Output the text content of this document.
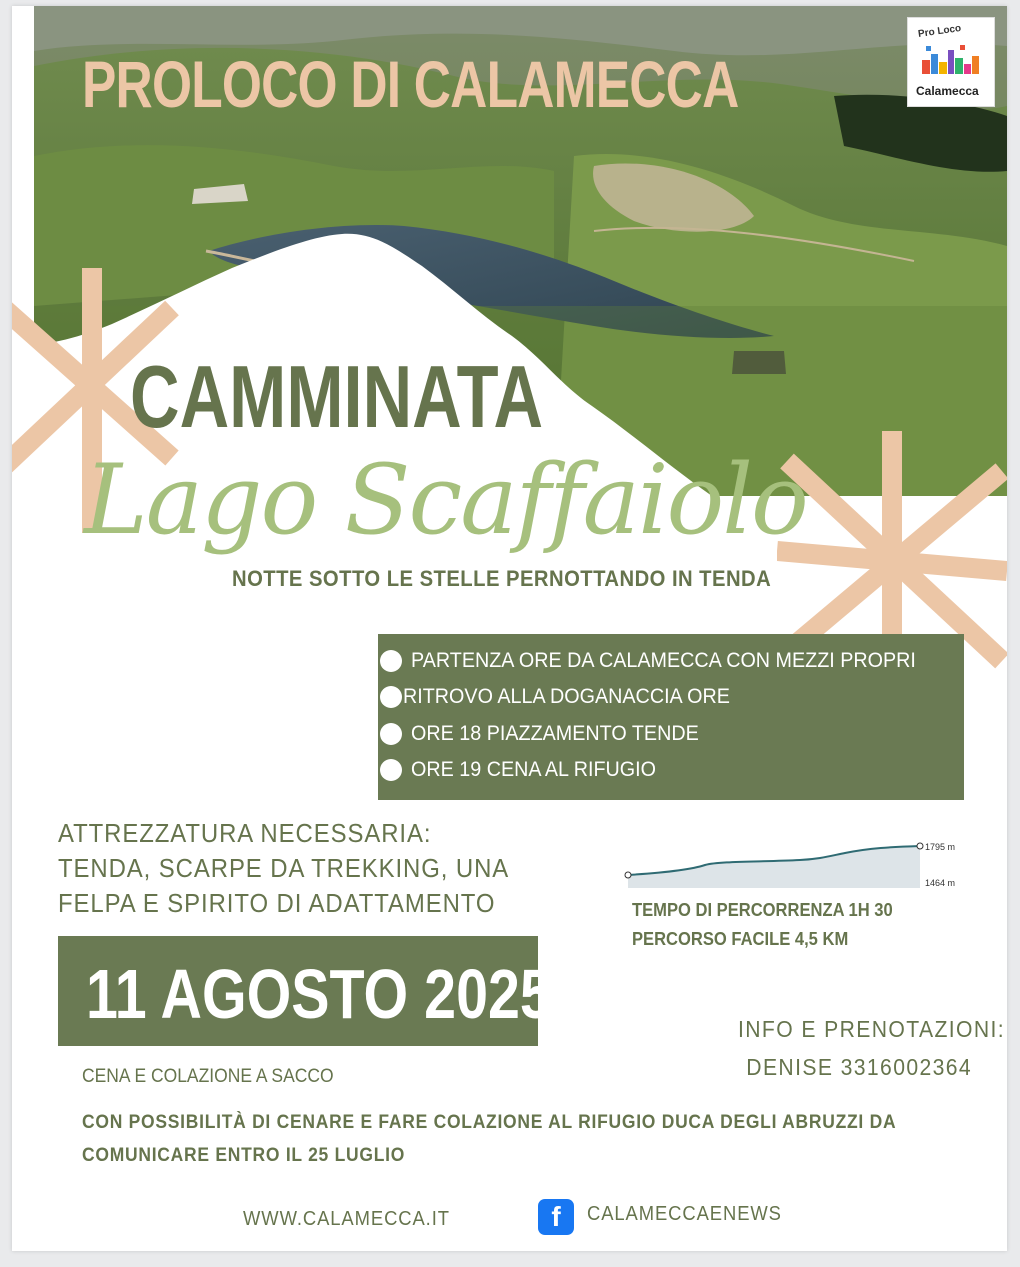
PROLOCO DI CALAMECCA
Pro Loco
Calamecca
CAMMINATA
Lago Scaffaiolo
NOTTE SOTTO LE STELLE PERNOTTANDO IN TENDA
PARTENZA ORE DA CALAMECCA CON MEZZI PROPRI
RITROVO ALLA DOGANACCIA ORE
ORE 18 PIAZZAMENTO TENDE
ORE 19 CENA AL RIFUGIO
ATTREZZATURA NECESSARIA:
TENDA, SCARPE DA TREKKING, UNA
FELPA E SPIRITO DI ADATTAMENTO
1795 m
1464 m
TEMPO DI PERCORRENZA 1H 30
PERCORSO FACILE 4,5 KM
11 AGOSTO 2025	INFO E PRENOTAZIONI:
DENISE 3316002364
CENA E COLAZIONE A SACCO
CON POSSIBILITÀ DI CENARE E FARE COLAZIONE AL RIFUGIO DUCA DEGLI ABRUZZI DA
COMUNICARE ENTRO IL 25 LUGLIO
WWW.CALAMECCA.IT	f	CALAMECCAENEWS
